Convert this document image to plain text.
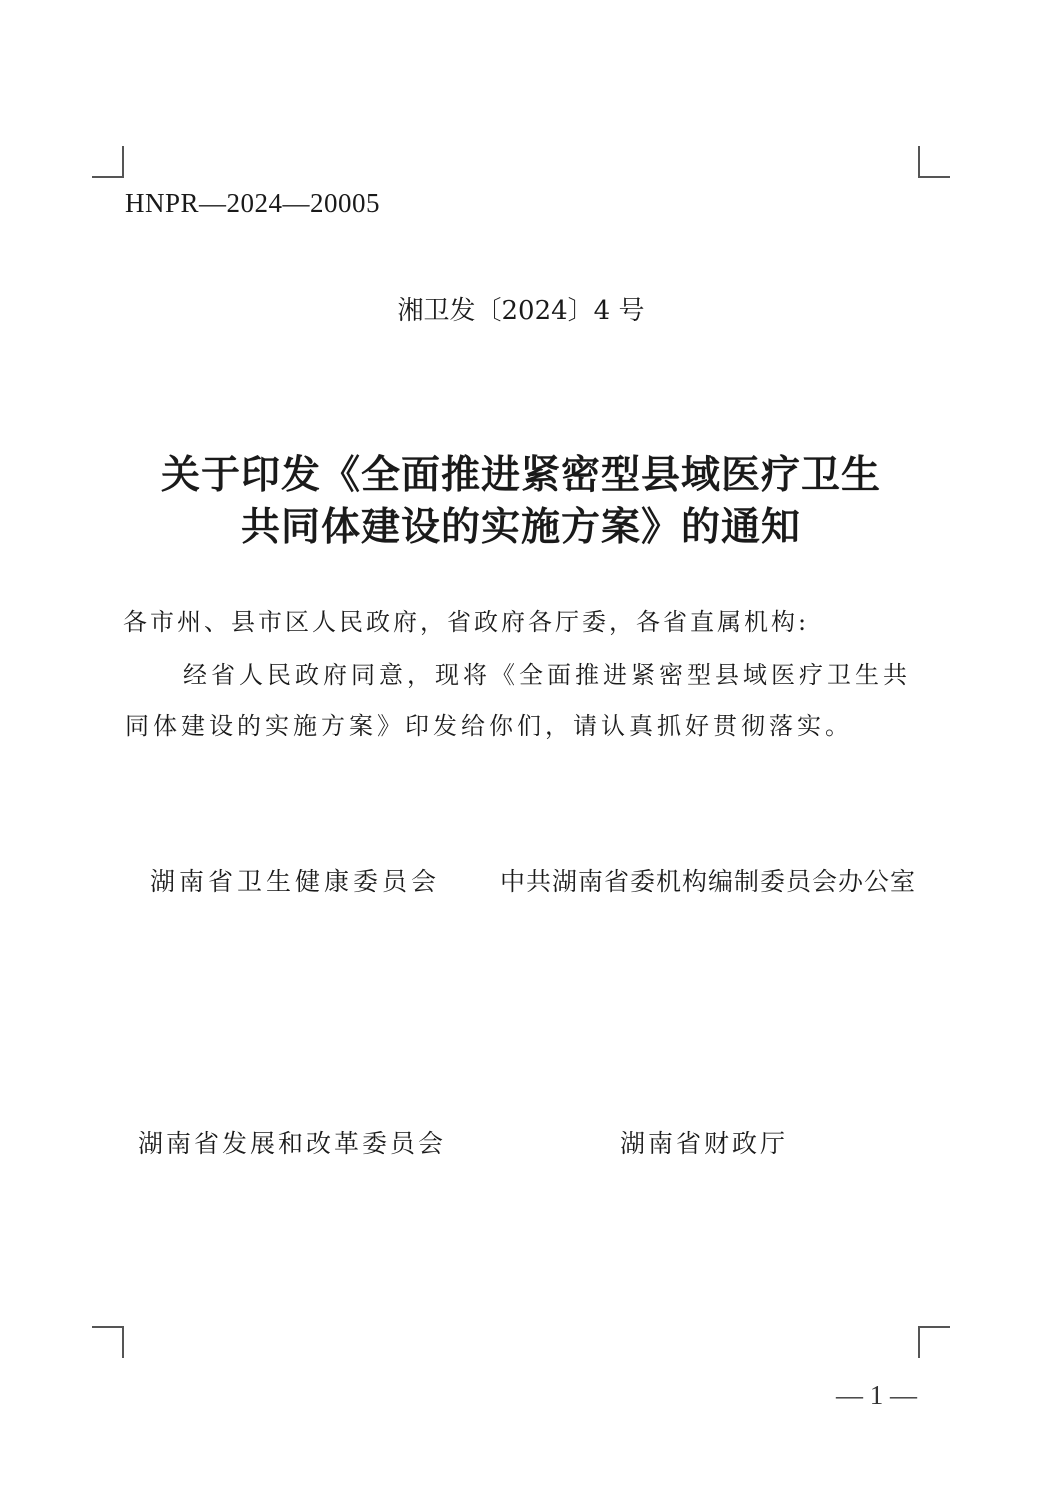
HNPR—2024—20005
湘卫发〔2024〕4 号
关于印发《全面推进紧密型县域医疗卫生
共同体建设的实施方案》的通知
各市州、县市区人民政府，省政府各厅委，各省直属机构:
经省人民政府同意，现将《全面推进紧密型县域医疗卫生共
同体建设的实施方案》印发给你们，请认真抓好贯彻落实。
湖南省卫生健康委员会 中共湖南省委机构编制委员会办公室
湖南省发展和改革委员会	湖南省财政厅
— 1 —
